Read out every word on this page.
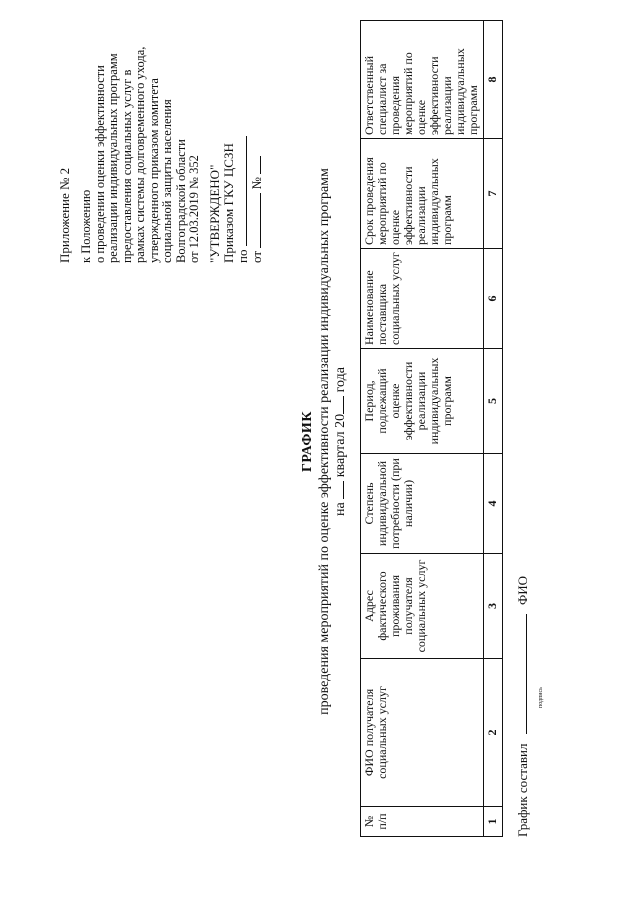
Приложение № 2 к Положению о проведении оценки эффективности реализации индивидуальных программ предоставления социальных услуг в рамках системы долговременного ухода, утвержденного приказом комитета социальной защиты населения Волгоградской области от 12.03.2019 № 352 "УТВЕРЖДЕНО" Приказом ГКУ ЦСЗН по от  №
ГРАФИК проведения мероприятий по оценке эффективности реализации индивидуальных программ на  квартал 20 года
№ п/п	ФИО получателя социальных услуг	Адрес фактического проживания получателя социальных услуг	Степень индивидуальной потребности (при наличии)	Период, подлежащий оценке эффективности реализации индивидуальных программ	Наименование поставщика социальных услуг	Срок проведения мероприятий по оценке эффективности реализации индивидуальных программ	Ответственный специалист за проведения мероприятий по оценке эффективности реализации индивидуальных программ
1	2	3	4	5	6	7	8
График составил  ФИО
подпись
